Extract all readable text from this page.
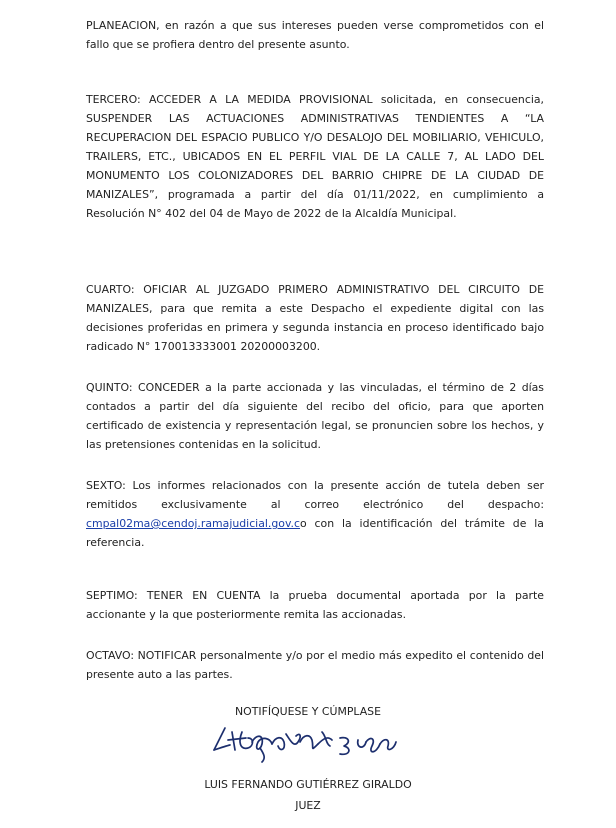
PLANEACION, en razón a que sus intereses pueden verse comprometidos con el fallo que se profiera dentro del presente asunto.

TERCERO: ACCEDER A LA MEDIDA PROVISIONAL solicitada, en consecuencia, SUSPENDER LAS ACTUACIONES ADMINISTRATIVAS TENDIENTES A “LA RECUPERACION DEL ESPACIO PUBLICO Y/O DESALOJO DEL MOBILIARIO, VEHICULO, TRAILERS, ETC., UBICADOS EN EL PERFIL VIAL DE LA CALLE 7, AL LADO DEL MONUMENTO LOS COLONIZADORES DEL BARRIO CHIPRE DE LA CIUDAD DE MANIZALES”, programada a partir del día 01/11/2022, en cumplimiento a Resolución N° 402 del 04 de Mayo de 2022 de la Alcaldía Municipal.

CUARTO: OFICIAR AL JUZGADO PRIMERO ADMINISTRATIVO DEL CIRCUITO DE MANIZALES, para que remita a este Despacho el expediente digital con las decisiones proferidas en primera y segunda instancia en proceso identificado bajo radicado N° 170013333001 20200003200.

QUINTO: CONCEDER a la parte accionada y las vinculadas, el término de 2 días contados a partir del día siguiente del recibo del oficio, para que aporten certificado de existencia y representación legal, se pronuncien sobre los hechos, y las pretensiones contenidas en la solicitud.

SEXTO: Los informes relacionados con la presente acción de tutela deben ser remitidos exclusivamente al correo electrónico del despacho: cmpal02ma@cendoj.ramajudicial.gov.co con la identificación del trámite de la referencia.

SEPTIMO: TENER EN CUENTA la prueba documental aportada por la parte accionante y la que posteriormente remita las accionadas.

OCTAVO: NOTIFICAR personalmente y/o por el medio más expedito el contenido del presente auto a las partes.

NOTIFÍQUESE Y CÚMPLASE

LUIS FERNANDO GUTIÉRREZ GIRALDO

JUEZ
